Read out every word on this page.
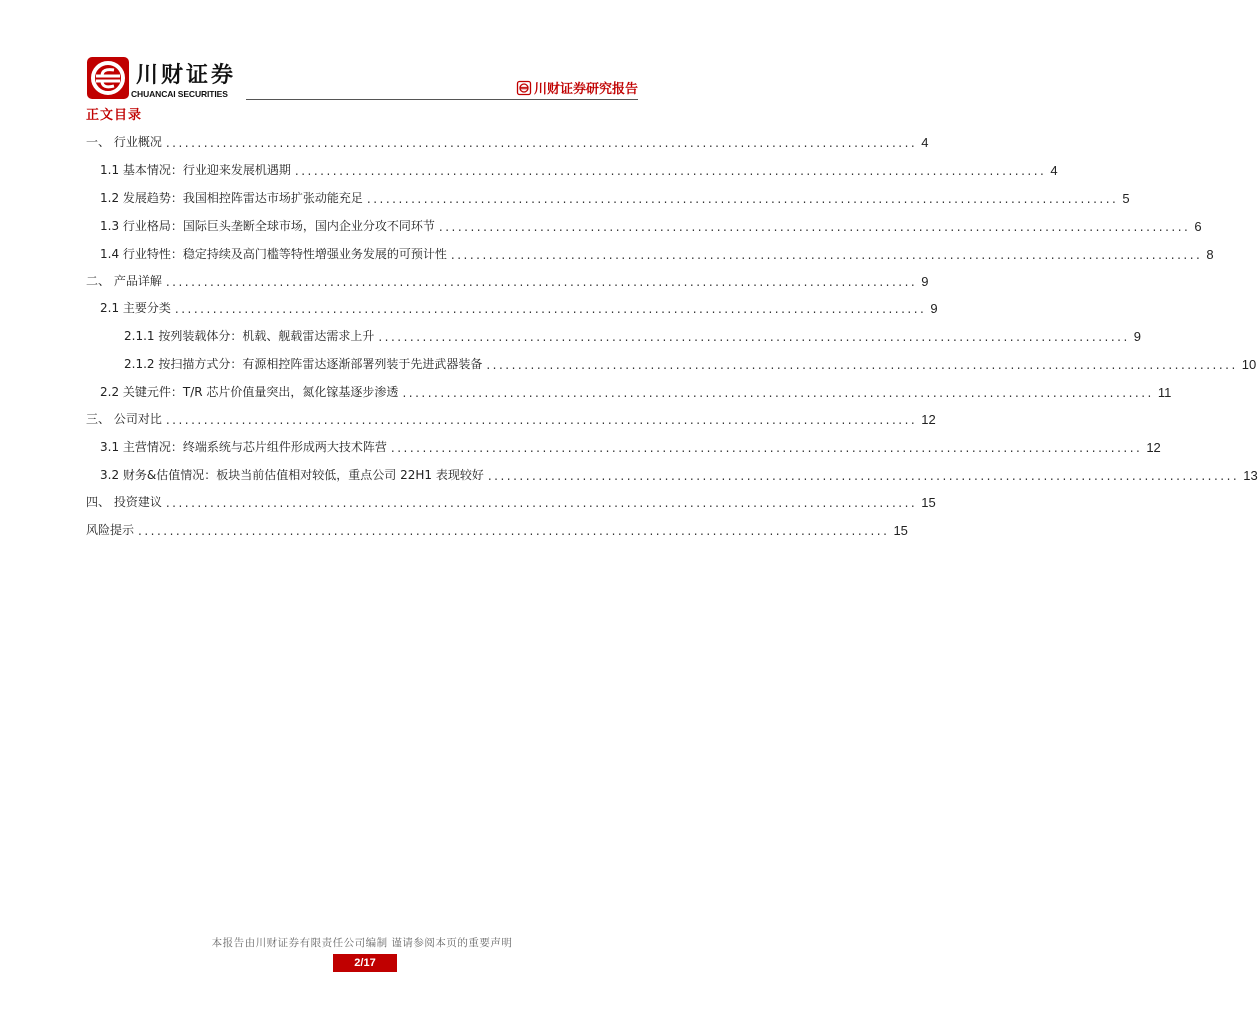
川财证券
CHUANCAI SECURITIES	川财证券研究报告
正文目录
一、 行业概况 ....................................................................................................................... 4
1.1 基本情况：行业迎来发展机遇期 ....................................................................................................................... 4
1.2 发展趋势：我国相控阵雷达市场扩张动能充足 ....................................................................................................................... 5
1.3 行业格局：国际巨头垄断全球市场，国内企业分攻不同环节 ....................................................................................................................... 6
1.4 行业特性：稳定持续及高门槛等特性增强业务发展的可预计性 ....................................................................................................................... 8
二、 产品详解 ....................................................................................................................... 9
2.1 主要分类 ....................................................................................................................... 9
2.1.1 按列装载体分：机载、舰载雷达需求上升 ....................................................................................................................... 9
2.1.2 按扫描方式分：有源相控阵雷达逐渐部署列装于先进武器装备 ....................................................................................................................... 10
2.2 关键元件：T/R 芯片价值量突出，氮化镓基逐步渗透 ....................................................................................................................... 11
三、 公司对比 ....................................................................................................................... 12
3.1 主营情况：终端系统与芯片组件形成两大技术阵营 ....................................................................................................................... 12
3.2 财务&估值情况：板块当前估值相对较低，重点公司 22H1 表现较好 ....................................................................................................................... 13
四、 投资建议 ....................................................................................................................... 15
风险提示 ....................................................................................................................... 15
本报告由川财证券有限责任公司编制 谨请参阅本页的重要声明
2/17
